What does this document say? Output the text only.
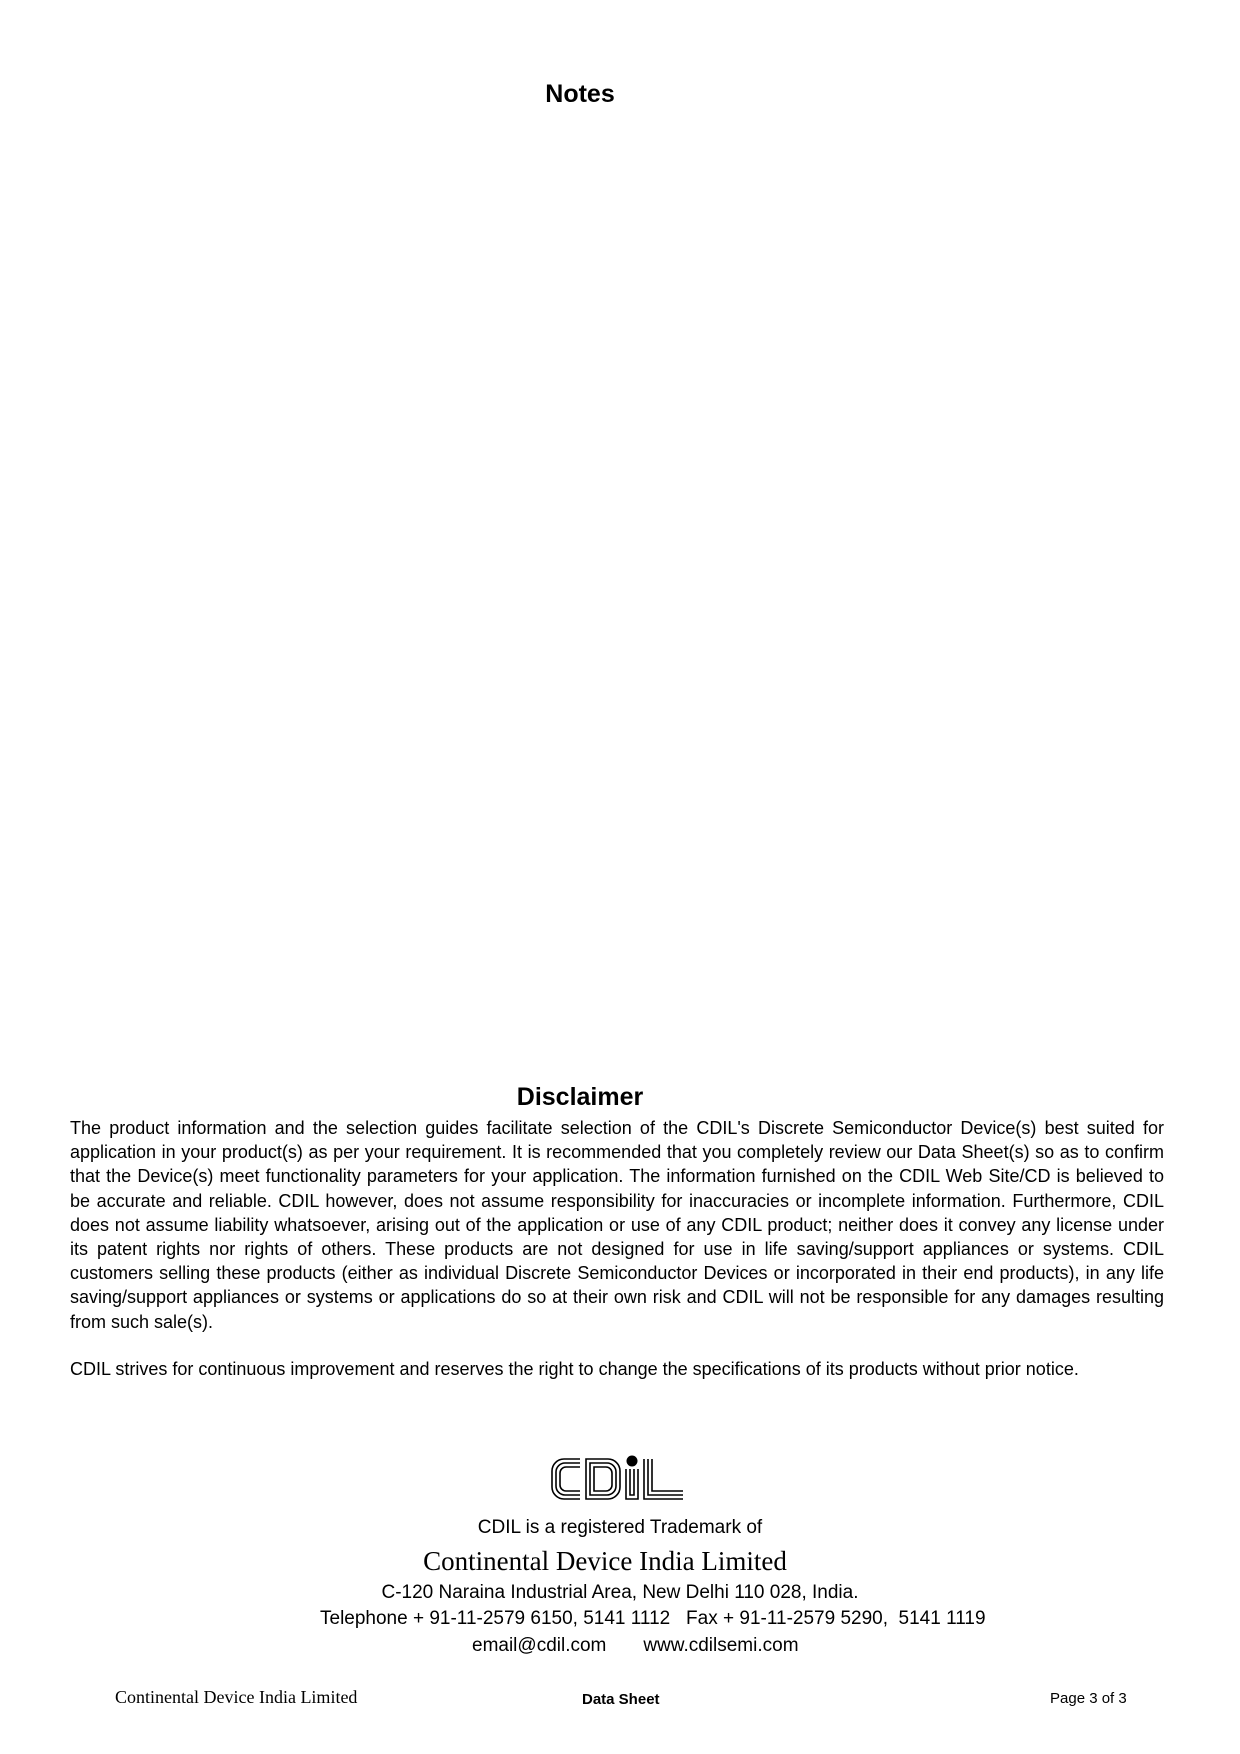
Notes
Disclaimer

The product information and the selection guides facilitate selection of the CDIL's Discrete Semiconductor Device(s) best suited for application in your product(s) as per your requirement. It is recommended that you completely review our Data Sheet(s) so as to confirm that the Device(s) meet functionality parameters for your application. The information furnished on the CDIL Web Site/CD is believed to be accurate and reliable. CDIL however, does not assume responsibility for inaccuracies or incomplete information. Furthermore, CDIL does not assume liability whatsoever, arising out of the application or use of any CDIL product; neither does it convey any license under its patent rights nor rights of others. These products are not designed for use in life saving/support appliances or systems. CDIL customers selling these products (either as individual Discrete Semiconductor Devices or incorporated in their end products), in any life saving/support appliances or systems or applications do so at their own risk and CDIL will not be responsible for any damages resulting from such sale(s).

CDIL strives for continuous improvement and reserves the right to change the specifications of its products without prior notice.

CDIL is a registered Trademark of
Continental Device India Limited
C-120 Naraina Industrial Area, New Delhi 110 028, India.
Telephone + 91-11-2579 6150, 5141 1112   Fax + 91-11-2579 5290,  5141 1119
email@cdil.com www.cdilsemi.com
Continental Device India Limited	Data Sheet	Page 3 of 3
